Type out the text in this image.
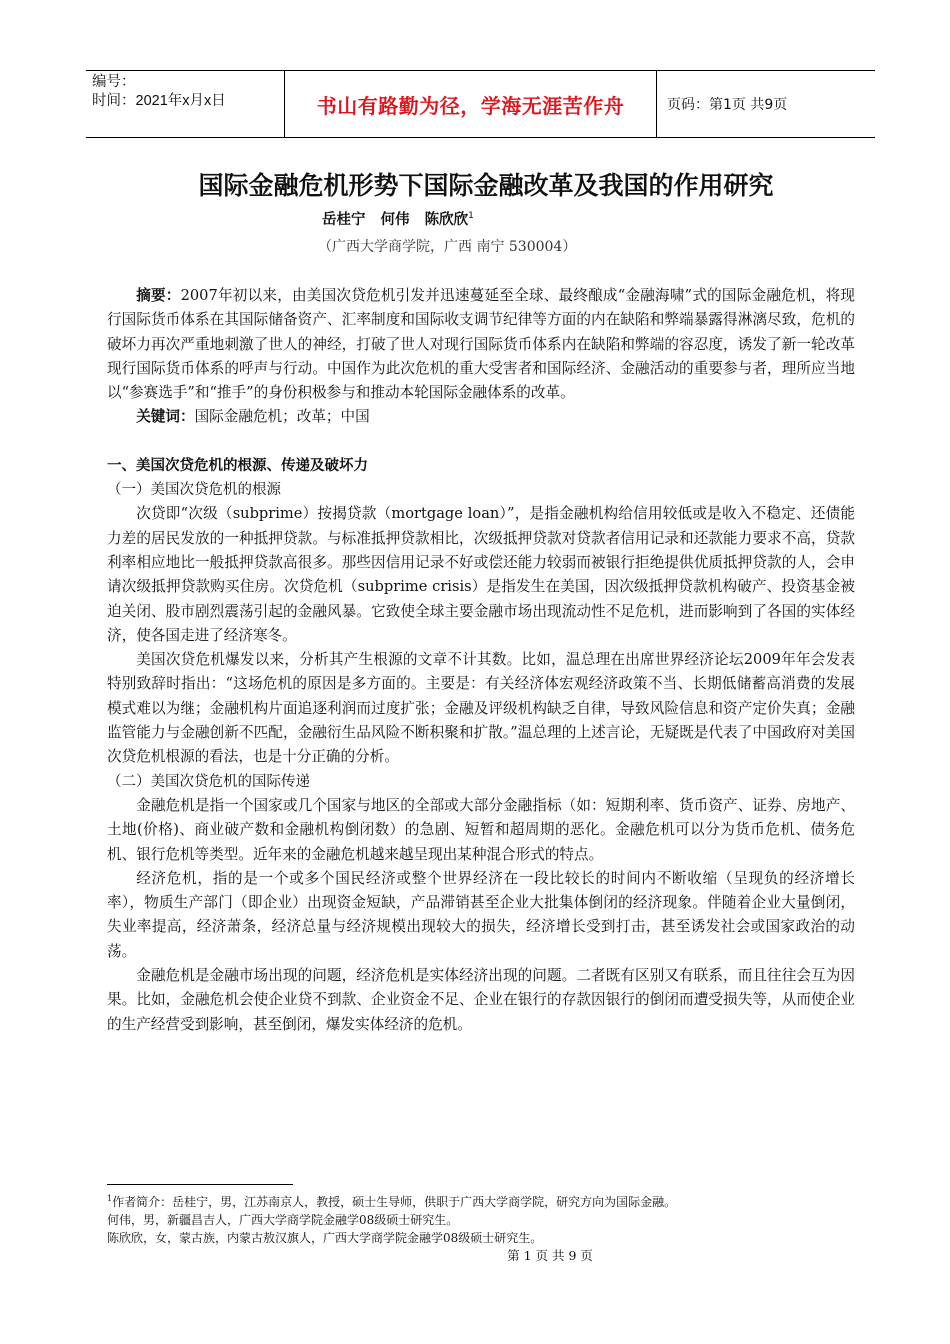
编号：
时间：2021年x月x日	书山有路勤为径，学海无涯苦作舟	页码：第1页 共9页
国际金融危机形势下国际金融改革及我国的作用研究
岳桂宁 何伟 陈欣欣$^1$
（广西大学商学院，广西 南宁 530004）

摘要：2007年初以来，由美国次贷危机引发并迅速蔓延至全球、最终酿成“金融海啸”式的国际金融危机，将现行国际货币体系在其国际储备资产、汇率制度和国际收支调节纪律等方面的内在缺陷和弊端暴露得淋漓尽致，危机的破坏力再次严重地刺激了世人的神经，打破了世人对现行国际货币体系内在缺陷和弊端的容忍度，诱发了新一轮改革现行国际货币体系的呼声与行动。中国作为此次危机的重大受害者和国际经济、金融活动的重要参与者，理所应当地以“参赛选手”和“推手”的身份积极参与和推动本轮国际金融体系的改革。

关键词：国际金融危机；改革；中国

一、美国次贷危机的根源、传递及破坏力
（一）美国次贷危机的根源

次贷即“次级（subprime）按揭贷款（mortgage loan）”，是指金融机构给信用较低或是收入不稳定、还债能力差的居民发放的一种抵押贷款。与标准抵押贷款相比，次级抵押贷款对贷款者信用记录和还款能力要求不高，贷款利率相应地比一般抵押贷款高很多。那些因信用记录不好或偿还能力较弱而被银行拒绝提供优质抵押贷款的人，会申请次级抵押贷款购买住房。次贷危机（subprime crisis）是指发生在美国，因次级抵押贷款机构破产、投资基金被迫关闭、股市剧烈震荡引起的金融风暴。它致使全球主要金融市场出现流动性不足危机，进而影响到了各国的实体经济，使各国走进了经济寒冬。

美国次贷危机爆发以来，分析其产生根源的文章不计其数。比如，温总理在出席世界经济论坛2009年年会发表特别致辞时指出：“这场危机的原因是多方面的。主要是：有关经济体宏观经济政策不当、长期低储蓄高消费的发展模式难以为继；金融机构片面追逐利润而过度扩张；金融及评级机构缺乏自律，导致风险信息和资产定价失真；金融监管能力与金融创新不匹配，金融衍生品风险不断积聚和扩散。”温总理的上述言论，无疑既是代表了中国政府对美国次贷危机根源的看法，也是十分正确的分析。

（二）美国次贷危机的国际传递

金融危机是指一个国家或几个国家与地区的全部或大部分金融指标（如：短期利率、货币资产、证券、房地产、土地(价格)、商业破产数和金融机构倒闭数）的急剧、短暂和超周期的恶化。金融危机可以分为货币危机、债务危机、银行危机等类型。近年来的金融危机越来越呈现出某种混合形式的特点。

经济危机，指的是一个或多个国民经济或整个世界经济在一段比较长的时间内不断收缩（呈现负的经济增长率），物质生产部门（即企业）出现资金短缺，产品滞销甚至企业大批集体倒闭的经济现象。伴随着企业大量倒闭，失业率提高，经济萧条，经济总量与经济规模出现较大的损失，经济增长受到打击，甚至诱发社会或国家政治的动荡。

金融危机是金融市场出现的问题，经济危机是实体经济出现的问题。二者既有区别又有联系，而且往往会互为因果。比如，金融危机会使企业贷不到款、企业资金不足、企业在银行的存款因银行的倒闭而遭受损失等，从而使企业的生产经营受到影响，甚至倒闭，爆发实体经济的危机。

$^1$作者简介：岳桂宁，男，江苏南京人，教授，硕士生导师，供职于广西大学商学院，研究方向为国际金融。
何伟，男，新疆昌吉人，广西大学商学院金融学08级硕士研究生。
陈欣欣，女，蒙古族，内蒙古敖汉旗人，广西大学商学院金融学08级硕士研究生。
第 1 页 共 9 页
